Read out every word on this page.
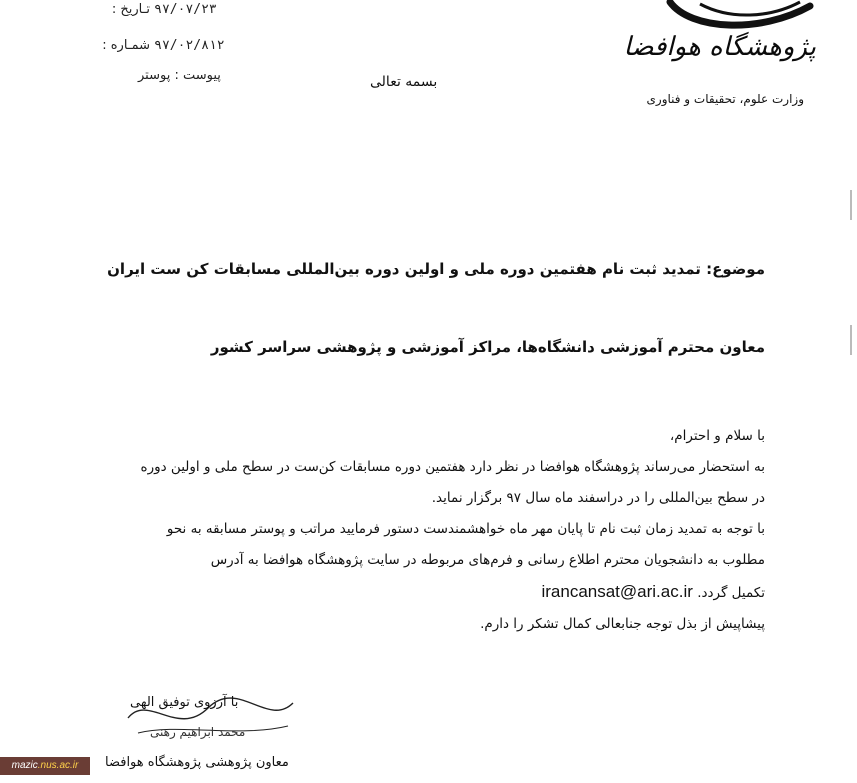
تـاریخ : ۹۷/۰۷/۲۳
شمـاره : ۹۷/۰۲/۸۱۲
پیوست : پوستر	بسمه تعالی
پژوهشگاه هوافضا
وزارت علوم، تحقیقات و فناوری
موضوع: تمدید ثبت نام هفتمین دوره ملی و اولین دوره بین‌المللی مسابقات کن ست ایران
معاون محترم آموزشی دانشگاه‌ها، مراکز آموزشی و پژوهشی سراسر کشور
با سلام و احترام،
به استحضار می‌رساند پژوهشگاه هوافضا در نظر دارد هفتمین دوره مسابقات کن‌ست در سطح ملی و اولین دوره
در سطح بین‌المللی را در دراسفند ماه سال ۹۷ برگزار نماید.
با توجه به تمدید زمان ثبت نام تا پایان مهر ماه خواهشمندست دستور فرمایید مراتب و پوستر مسابقه به نحو
مطلوب به دانشجویان محترم اطلاع رسانی و فرم‌های مربوطه در سایت پژوهشگاه هوافضا به آدرس
تکمیل گردد. irancansat@ari.ac.ir
پیشاپیش از بذل توجه جنابعالی کمال تشکر را دارم.
با آرزوی توفیق الهی
محمد ابراهیم رهنی
معاون پژوهشی پژوهشگاه هوافضا
mazic.nus.ac.ir
